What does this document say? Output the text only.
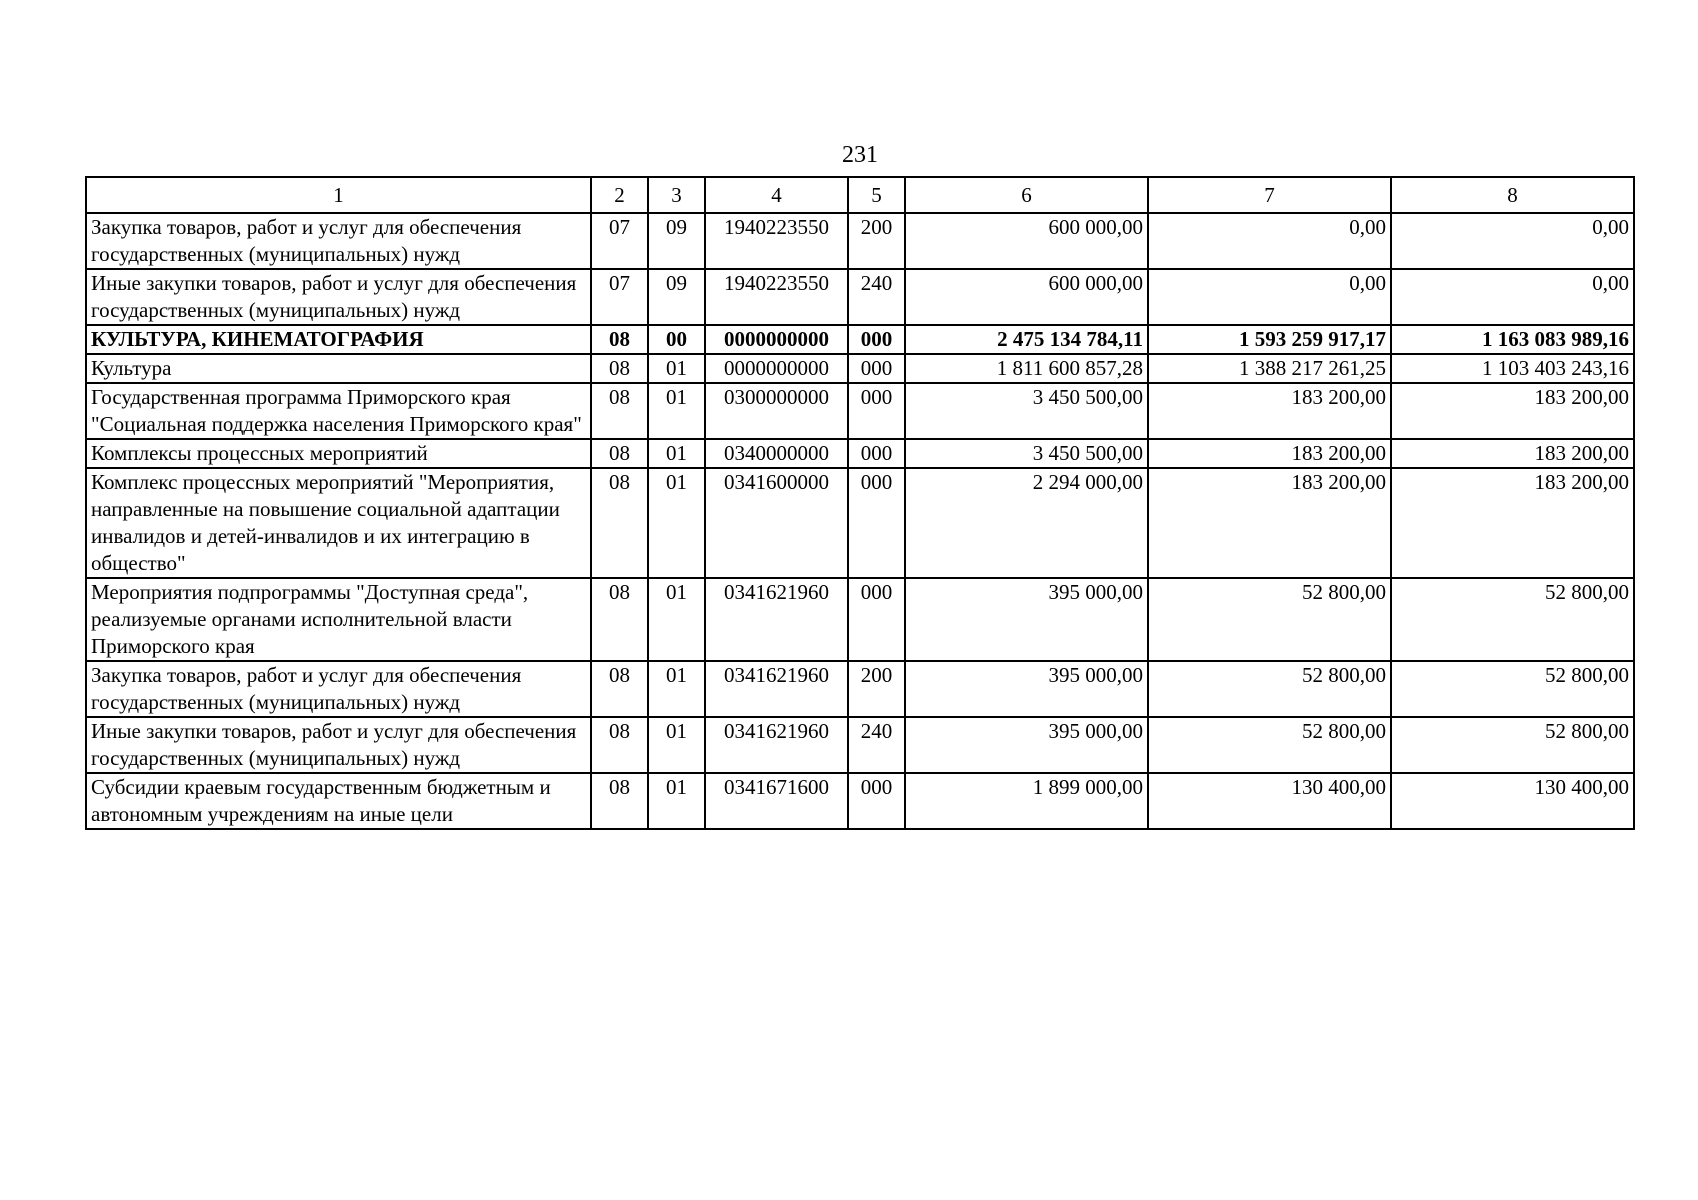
231
1	2	3	4	5	6	7	8
Закупка товаров, работ и услуг для обеспечения государственных (муниципальных) нужд	07	09	1940223550	200	600 000,00	0,00	0,00
Иные закупки товаров, работ и услуг для обеспечения государственных (муниципальных) нужд	07	09	1940223550	240	600 000,00	0,00	0,00
КУЛЬТУРА, КИНЕМАТОГРАФИЯ	08	00	0000000000	000	2 475 134 784,11	1 593 259 917,17	1 163 083 989,16
Культура	08	01	0000000000	000	1 811 600 857,28	1 388 217 261,25	1 103 403 243,16
Государственная программа Приморского края "Социальная поддержка населения Приморского края"	08	01	0300000000	000	3 450 500,00	183 200,00	183 200,00
Комплексы процессных мероприятий	08	01	0340000000	000	3 450 500,00	183 200,00	183 200,00
Комплекс процессных мероприятий "Мероприятия, направленные на повышение социальной адаптации инвалидов и детей-инвалидов и их интеграцию в общество"	08	01	0341600000	000	2 294 000,00	183 200,00	183 200,00
Мероприятия подпрограммы "Доступная среда", реализуемые органами исполнительной власти Приморского края	08	01	0341621960	000	395 000,00	52 800,00	52 800,00
Закупка товаров, работ и услуг для обеспечения государственных (муниципальных) нужд	08	01	0341621960	200	395 000,00	52 800,00	52 800,00
Иные закупки товаров, работ и услуг для обеспечения государственных (муниципальных) нужд	08	01	0341621960	240	395 000,00	52 800,00	52 800,00
Субсидии краевым государственным бюджетным и автономным учреждениям на иные цели	08	01	0341671600	000	1 899 000,00	130 400,00	130 400,00
